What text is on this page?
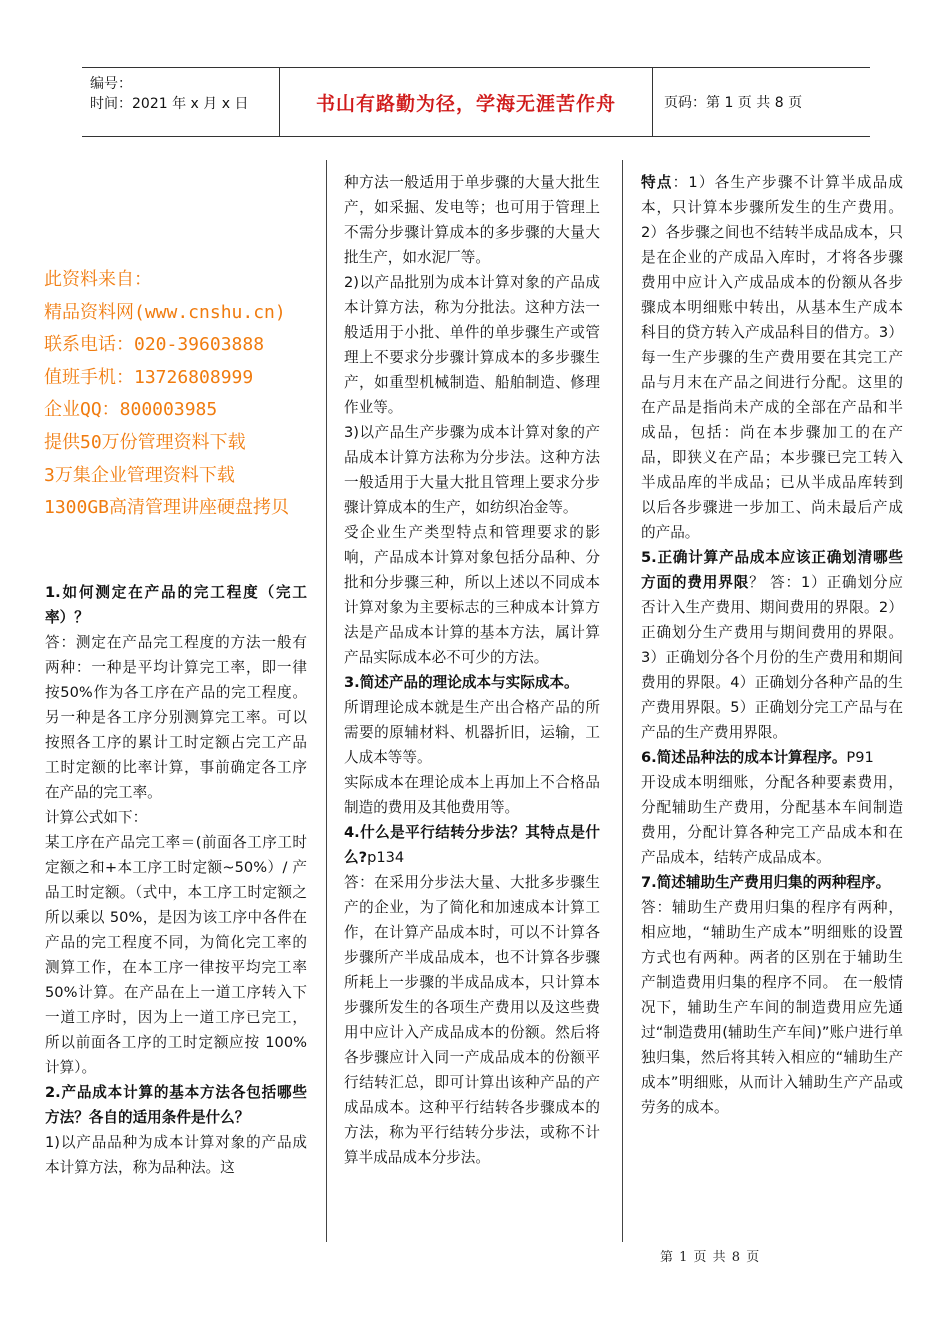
编号：
时间：2021 年 x 月 x 日	书山有路勤为径，学海无涯苦作舟	页码：第 1 页 共 8 页
此资料来自：
精品资料网(www.cnshu.cn)
联系电话：020-39603888
值班手机：13726808999
企业QQ：800003985
提供50万份管理资料下载
3万集企业管理资料下载
1300GB高清管理讲座硬盘拷贝

1.如何测定在产品的完工程度（完工率）？

答：测定在产品完工程度的方法一般有两种：一种是平均计算完工率，即一律按50%作为各工序在产品的完工程度。另一种是各工序分别测算完工率。可以按照各工序的累计工时定额占完工产品工时定额的比率计算，事前确定各工序在产品的完工率。

计算公式如下：

某工序在产品完工率＝(前面各工序工时定额之和+本工序工时定额~50%）/ 产品工时定额。（式中，本工序工时定额之所以乘以 50%，是因为该工序中各件在产品的完工程度不同，为简化完工率的测算工作，在本工序一律按平均完工率50%计算。在产品在上一道工序转入下一道工序时，因为上一道工序已完工，所以前面各工序的工时定额应按 100%计算）。

2.产品成本计算的基本方法各包括哪些方法？各自的适用条件是什么？

1)以产品品种为成本计算对象的产品成本计算方法，称为品种法。这

种方法一般适用于单步骤的大量大批生产，如采掘、发电等；也可用于管理上不需分步骤计算成本的多步骤的大量大批生产，如水泥厂等。

2)以产品批别为成本计算对象的产品成本计算方法，称为分批法。这种方法一般适用于小批、单件的单步骤生产或管理上不要求分步骤计算成本的多步骤生产，如重型机械制造、船舶制造、修理作业等。

3)以产品生产步骤为成本计算对象的产品成本计算方法称为分步法。这种方法一般适用于大量大批且管理上要求分步骤计算成本的生产，如纺织冶金等。

受企业生产类型特点和管理要求的影响，产品成本计算对象包括分品种、分批和分步骤三种，所以上述以不同成本计算对象为主要标志的三种成本计算方法是产品成本计算的基本方法，属计算产品实际成本必不可少的方法。

3.简述产品的理论成本与实际成本。

所谓理论成本就是生产出合格产品的所需要的原辅材料、机器折旧，运输，工人成本等等。

实际成本在理论成本上再加上不合格品制造的费用及其他费用等。

4.什么是平行结转分步法？其特点是什么?p134

答：在采用分步法大量、大批多步骤生产的企业，为了简化和加速成本计算工作，在计算产品成本时，可以不计算各步骤所产半成品成本，也不计算各步骤所耗上一步骤的半成品成本，只计算本步骤所发生的各项生产费用以及这些费用中应计入产成品成本的份额。然后将各步骤应计入同一产成品成本的份额平行结转汇总，即可计算出该种产品的产成品成本。这种平行结转各步骤成本的方法，称为平行结转分步法，或称不计算半成品成本分步法。

特点：1）各生产步骤不计算半成品成本，只计算本步骤所发生的生产费用。2）各步骤之间也不结转半成品成本，只是在企业的产成品入库时，才将各步骤费用中应计入产成品成本的份额从各步骤成本明细账中转出，从基本生产成本科目的贷方转入产成品科目的借方。3）每一生产步骤的生产费用要在其完工产品与月末在产品之间进行分配。这里的在产品是指尚未产成的全部在产品和半成品，包括：尚在本步骤加工的在产品，即狭义在产品；本步骤已完工转入半成品库的半成品；已从半成品库转到以后各步骤进一步加工、尚未最后产成的产品。

5.正确计算产品成本应该正确划清哪些方面的费用界限？ 答：1）正确划分应否计入生产费用、期间费用的界限。2）正确划分生产费用与期间费用的界限。3）正确划分各个月份的生产费用和期间费用的界限。4）正确划分各种产品的生产费用界限。5）正确划分完工产品与在产品的生产费用界限。

6.简述品种法的成本计算程序。P91

开设成本明细账，分配各种要素费用，分配辅助生产费用，分配基本车间制造费用，分配计算各种完工产品成本和在产品成本，结转产成品成本。

7.简述辅助生产费用归集的两种程序。

答：辅助生产费用归集的程序有两种，相应地，“辅助生产成本”明细账的设置方式也有两种。两者的区别在于辅助生产制造费用归集的程序不同。 在一般情况下，辅助生产车间的制造费用应先通过“制造费用(辅助生产车间)”账户进行单独归集，然后将其转入相应的“辅助生产成本”明细账，从而计入辅助生产产品或劳务的成本。

第 1 页 共 8 页
